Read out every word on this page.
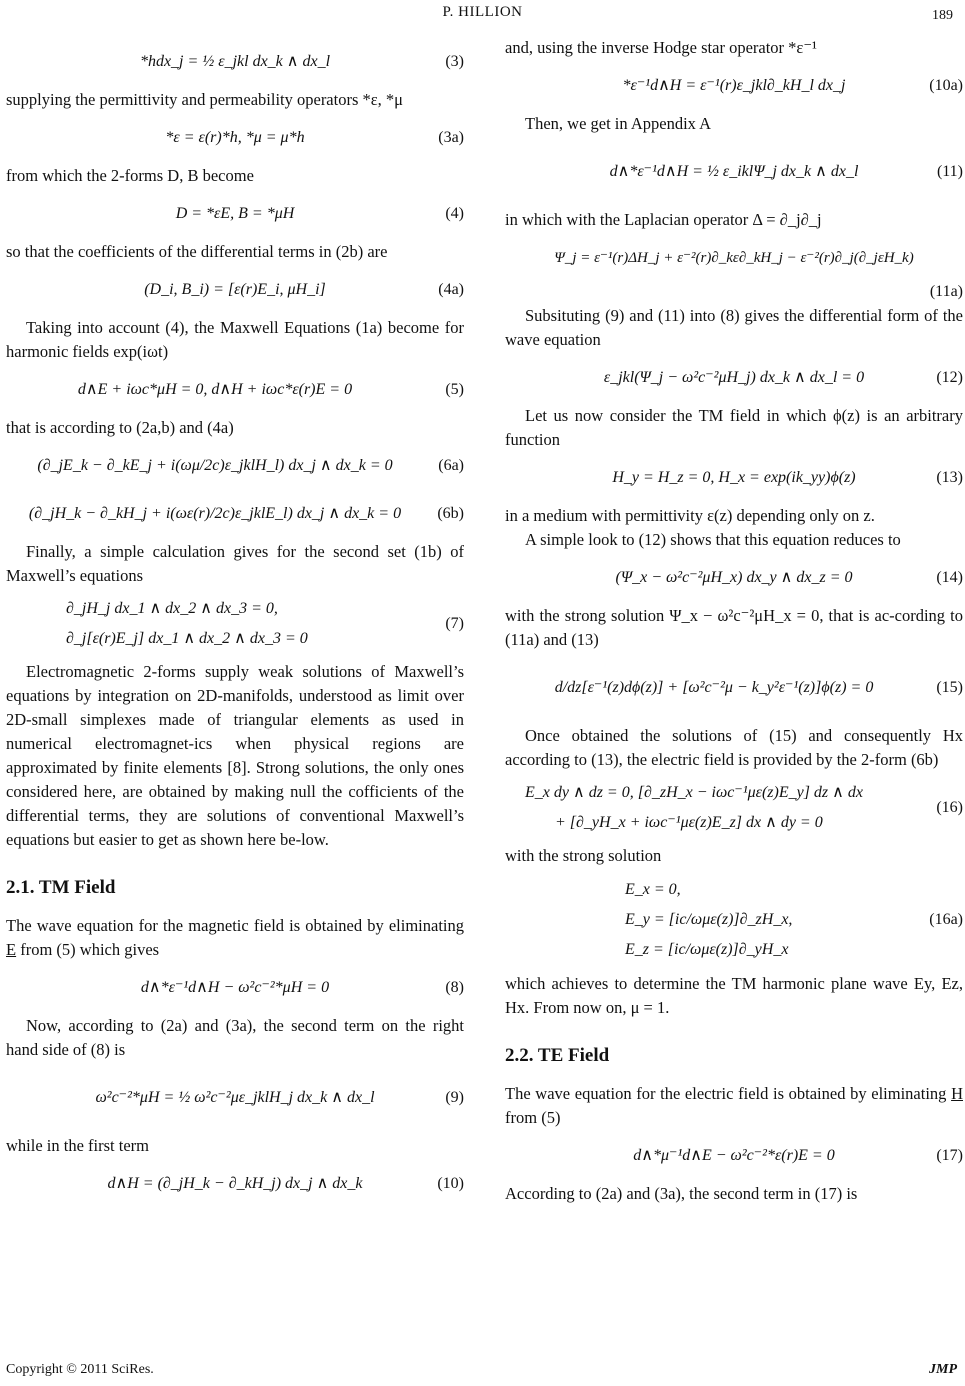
P. HILLION	189
*hdx_j = ½ ε_jkl dx_k ∧ dx_l	(3)

supplying the permittivity and permeability operators *ε, *μ

*ε = ε(r)*h, *μ = μ*h	(3a)

from which the 2-forms D, B become

D = *εE, B = *μH	(4)

so that the coefficients of the differential terms in (2b) are

(D_i, B_i) = [ε(r)E_i, μH_i]	(4a)

Taking into account (4), the Maxwell Equations (1a) become for harmonic fields exp(iωt)

d∧E + iωc*μH = 0, d∧H + iωc*ε(r)E = 0	(5)

that is according to (2a,b) and (4a)

(∂_jE_k − ∂_kE_j + i(ωμ/2c)ε_jklH_l) dx_j ∧ dx_k = 0	(6a)
(∂_jH_k − ∂_kH_j + i(ωε(r)/2c)ε_jklE_l) dx_j ∧ dx_k = 0	(6b)

Finally, a simple calculation gives for the second set (1b) of Maxwell’s equations

∂_jH_j dx_1 ∧ dx_2 ∧ dx_3 = 0,
∂_j[ε(r)E_j] dx_1 ∧ dx_2 ∧ dx_3 = 0
(7)

Electromagnetic 2-forms supply weak solutions of Maxwell’s equations by integration on 2D-manifolds, understood as limit over 2D-small simplexes made of triangular elements as used in numerical electromagnet-ics when physical regions are approximated by finite elements [8]. Strong solutions, the only ones considered here, are obtained by making null the cofficients of the differential terms, they are solutions of conventional Maxwell’s equations but easier to get as shown here be-low.

2.1. TM Field

The wave equation for the magnetic field is obtained by eliminating E from (5) which gives

d∧*ε⁻¹d∧H − ω²c⁻²*μH = 0	(8)

Now, according to (2a) and (3a), the second term on the right hand side of (8) is

ω²c⁻²*μH = ½ ω²c⁻²με_jklH_j dx_k ∧ dx_l	(9)

while in the first term

d∧H = (∂_jH_k − ∂_kH_j) dx_j ∧ dx_k	(10)

and, using the inverse Hodge star operator *ε⁻¹

*ε⁻¹d∧H = ε⁻¹(r)ε_jkl∂_kH_l dx_j	(10a)

Then, we get in Appendix A

d∧*ε⁻¹d∧H = ½ ε_iklΨ_j dx_k ∧ dx_l	(11)

in which with the Laplacian operator Δ = ∂_j∂_j

Ψ_j = ε⁻¹(r)ΔH_j + ε⁻²(r)∂_kε∂_kH_j − ε⁻²(r)∂_j(∂_jεH_k)
(11a)

Subsituting (9) and (11) into (8) gives the differential form of the wave equation

ε_jkl(Ψ_j − ω²c⁻²μH_j) dx_k ∧ dx_l = 0	(12)

Let us now consider the TM field in which ϕ(z) is an arbitrary function

H_y = H_z = 0, H_x = exp(ik_yy)ϕ(z)	(13)

in a medium with permittivity ε(z) depending only on z.

A simple look to (12) shows that this equation reduces to

(Ψ_x − ω²c⁻²μH_x) dx_y ∧ dx_z = 0	(14)

with the strong solution Ψ_x − ω²c⁻²μH_x = 0, that is ac-cording to (11a) and (13)

d/dz[ε⁻¹(z)dϕ(z)] + [ω²c⁻²μ − k_y²ε⁻¹(z)]ϕ(z) = 0	(15)

Once obtained the solutions of (15) and consequently Hx according to (13), the electric field is provided by the 2-form (6b)

E_x dy ∧ dz = 0, [∂_zH_x − iωc⁻¹με(z)E_y] dz ∧ dx
+ [∂_yH_x + iωc⁻¹με(z)E_z] dx ∧ dy = 0
(16)

with the strong solution

E_x = 0,
E_y = [ic/ωμε(z)]∂_zH_x,
E_z = [ic/ωμε(z)]∂_yH_x
(16a)

which achieves to determine the TM harmonic plane wave Ey, Ez, Hx. From now on, μ = 1.

2.2. TE Field

The wave equation for the electric field is obtained by eliminating H from (5)

d∧*μ⁻¹d∧E − ω²c⁻²*ε(r)E = 0	(17)

According to (2a) and (3a), the second term in (17) is

Copyright © 2011 SciRes.	JMP
